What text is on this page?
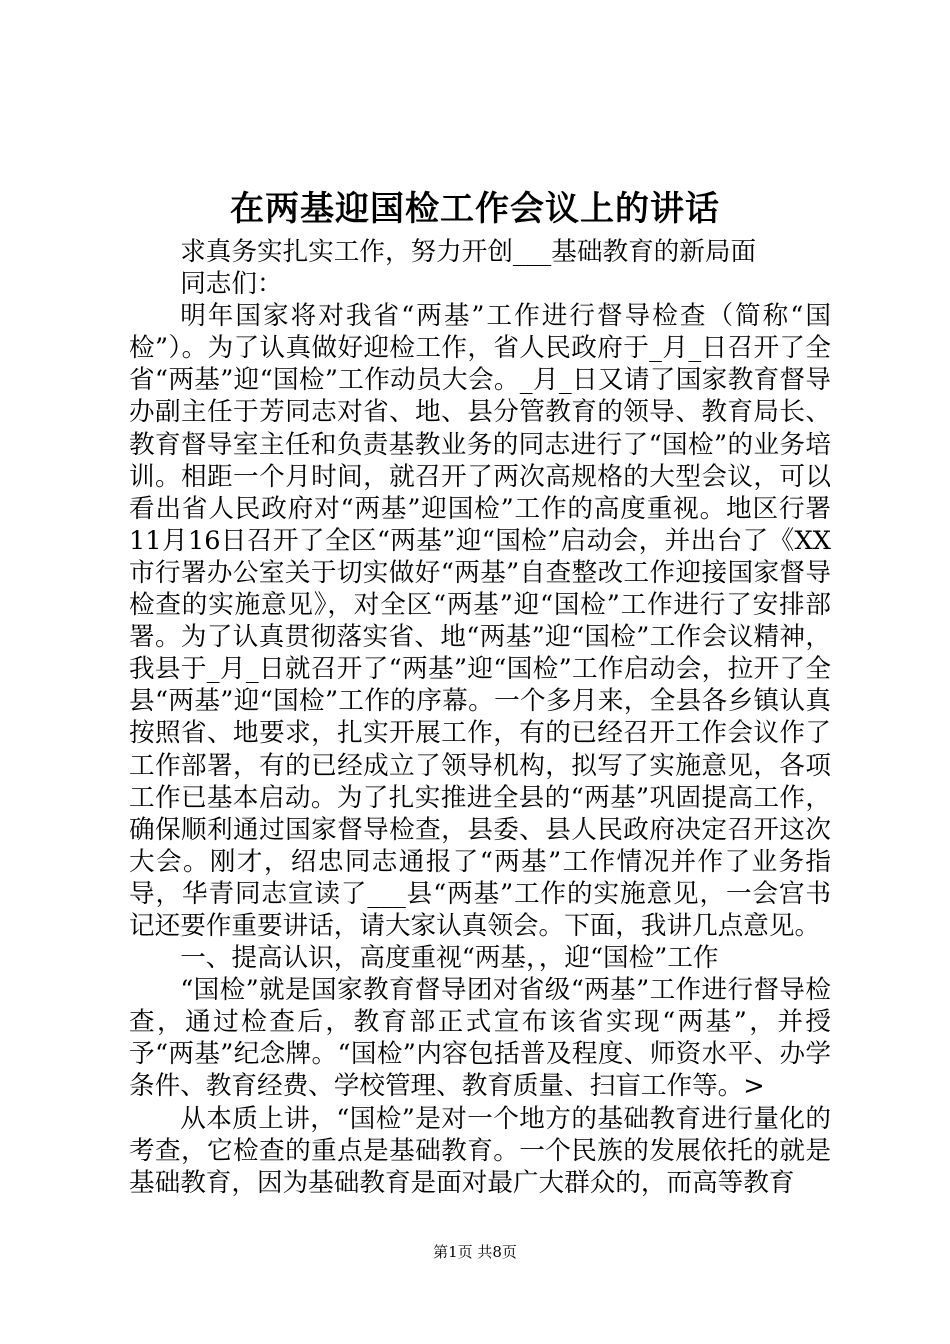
在两基迎国检工作会议上的讲话

求真务实扎实工作，努力开创___基础教育的新局面

同志们：

明年国家将对我省“两基”工作进行督导检查（简称“国检”）。为了认真做好迎检工作，省人民政府于_月_日召开了全省“两基”迎“国检”工作动员大会。_月_日又请了国家教育督导办副主任于芳同志对省、地、县分管教育的领导、教育局长、教育督导室主任和负责基教业务的同志进行了“国检”的业务培训。相距一个月时间，就召开了两次高规格的大型会议，可以看出省人民政府对“两基”迎国检”工作的高度重视。地区行署11月16日召开了全区“两基”迎“国检”启动会，并出台了《XX市行署办公室关于切实做好“两基”自查整改工作迎接国家督导检查的实施意见》，对全区“两基”迎“国检”工作进行了安排部署。为了认真贯彻落实省、地“两基”迎“国检”工作会议精神，我县于_月_日就召开了“两基”迎“国检”工作启动会，拉开了全县“两基”迎“国检”工作的序幕。一个多月来，全县各乡镇认真按照省、地要求，扎实开展工作，有的已经召开工作会议作了工作部署，有的已经成立了领导机构，拟写了实施意见，各项工作已基本启动。为了扎实推进全县的“两基”巩固提高工作，确保顺利通过国家督导检查，县委、县人民政府决定召开这次大会。刚才，绍忠同志通报了“两基”工作情况并作了业务指导，华青同志宣读了___县“两基”工作的实施意见，一会宫书记还要作重要讲话，请大家认真领会。下面，我讲几点意见。

一、提高认识，高度重视“两基，，迎“国检”工作

“国检”就是国家教育督导团对省级“两基”工作进行督导检查，通过检查后，教育部正式宣布该省实现“两基”，并授予“两基”纪念牌。“国检”内容包括普及程度、师资水平、办学条件、教育经费、学校管理、教育质量、扫盲工作等。>

从本质上讲，“国检”是对一个地方的基础教育进行量化的考查，它检查的重点是基础教育。一个民族的发展依托的就是基础教育，因为基础教育是面对最广大群众的，而高等教育

第1页 共8页
